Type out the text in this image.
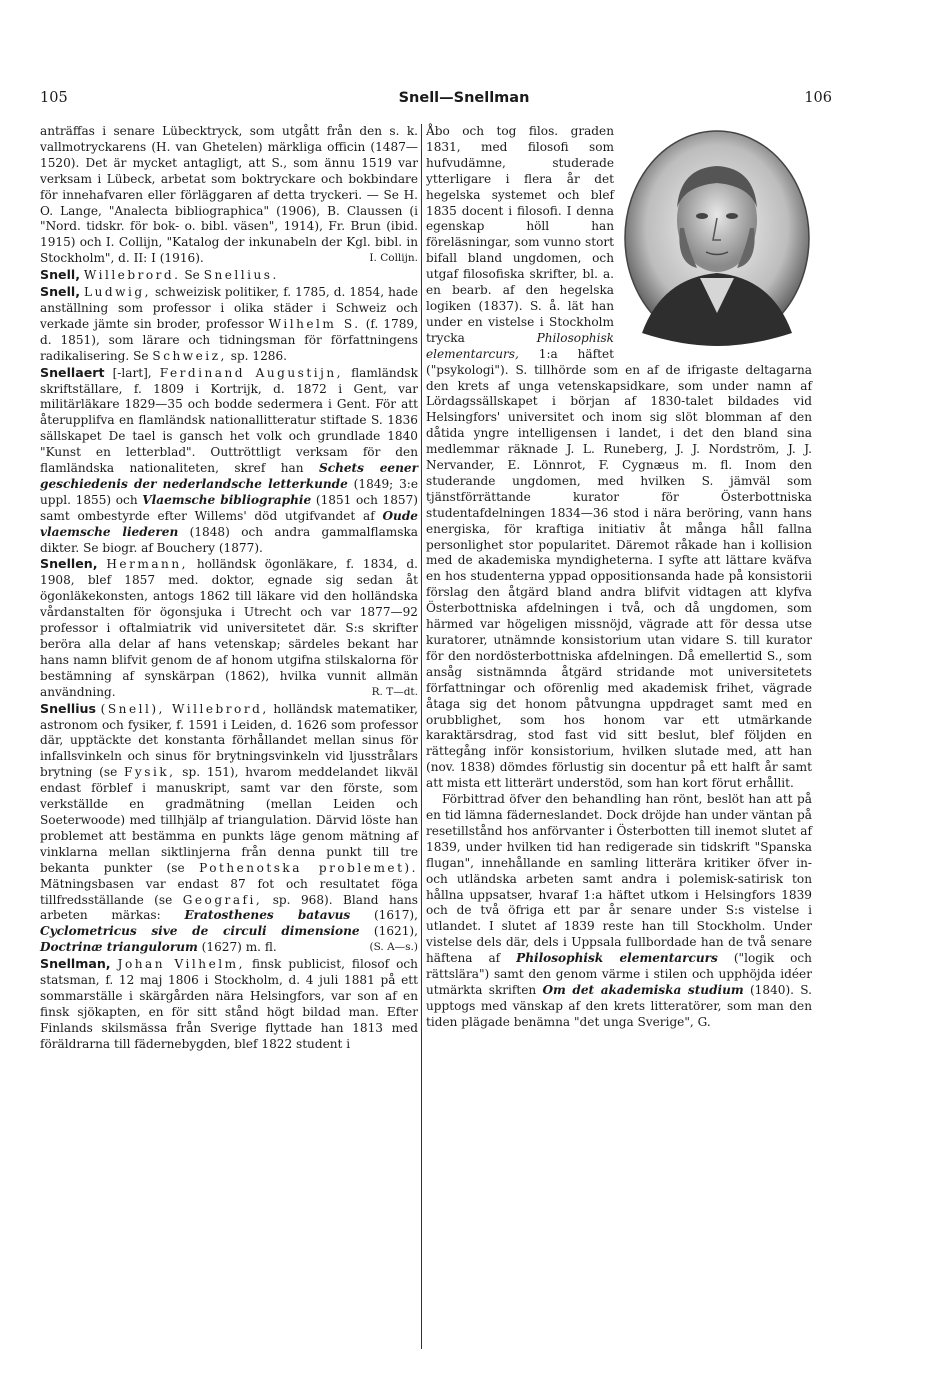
Snell—Snellman
105	106

anträffas i senare Lübecktryck, som utgått från den s. k. vallmotryckarens (H. van Ghetelen) märkliga officin (1487—1520). Det är mycket antagligt, att S., som ännu 1519 var verksam i Lübeck, arbetat som boktryckare och bokbindare för innehafvaren eller förläggaren af detta tryckeri. — Se H. O. Lange, "Analecta bibliographica" (1906), B. Claussen (i "Nord. tidskr. för bok- o. bibl. väsen", 1914), Fr. Brun (ibid. 1915) och I. Collijn, "Katalog der inkunabeln der Kgl. bibl. in Stockholm", d. II: I (1916).	I. Collijn.

Snell, Willebrord. Se Snellius.

Snell, Ludwig, schweizisk politiker, f. 1785, d. 1854, hade anställning som professor i olika städer i Schweiz och verkade jämte sin broder, professor Wilhelm S. (f. 1789, d. 1851), som lärare och tidningsman för författningens radikalisering. Se Schweiz, sp. 1286.

Snellaert [-lart], Ferdinand Augustijn, flamländsk skriftställare, f. 1809 i Kortrijk, d. 1872 i Gent, var militärläkare 1829—35 och bodde sedermera i Gent. För att återupplifva en flamländsk nationallitteratur stiftade S. 1836 sällskapet De tael is gansch het volk och grundlade 1840 "Kunst en letterblad". Outtröttligt verksam för den flamländska nationaliteten, skref han Schets eener geschiedenis der nederlandsche letterkunde (1849; 3:e uppl. 1855) och Vlaemsche bibliographie (1851 och 1857) samt ombestyrde efter Willems' död utgifvandet af Oude vlaemsche liederen (1848) och andra gammalflamska dikter. Se biogr. af Bouchery (1877).

Snellen, Hermann, holländsk ögonläkare, f. 1834, d. 1908, blef 1857 med. doktor, egnade sig sedan åt ögonläkekonsten, antogs 1862 till läkare vid den holländska vårdanstalten för ögonsjuka i Utrecht och var 1877—92 professor i oftalmiatrik vid universitetet där. S:s skrifter beröra alla delar af hans vetenskap; särdeles bekant har hans namn blifvit genom de af honom utgifna stilskalorna för bestämning af synskärpan (1862), hvilka vunnit allmän användning.	R. T—dt.

Snellius (Snell), Willebrord, holländsk matematiker, astronom och fysiker, f. 1591 i Leiden, d. 1626 som professor där, upptäckte det konstanta förhållandet mellan sinus för infallsvinkeln och sinus för brytningsvinkeln vid ljusstrålars brytning (se Fysik, sp. 151), hvarom meddelandet likväl endast förblef i manuskript, samt var den förste, som verkställde en gradmätning (mellan Leiden och Soeterwoode) med tillhjälp af triangulation. Därvid löste han problemet att bestämma en punkts läge genom mätning af vinklarna mellan siktlinjerna från denna punkt till tre bekanta punkter (se Pothenotska problemet). Mätningsbasen var endast 87 fot och resultatet föga tillfredsställande (se Geografi, sp. 968). Bland hans arbeten märkas: Eratosthenes batavus (1617), Cyclometricus sive de circuli dimensione (1621), Doctrinæ triangulorum (1627) m. fl.	(S. A—s.)

Snellman, Johan Vilhelm, finsk publicist, filosof och statsman, f. 12 maj 1806 i Stockholm, d. 4 juli 1881 på ett sommarställe i skärgården nära Helsingfors, var son af en finsk sjökapten, en för sitt stånd högt bildad man. Efter Finlands skilsmässa från Sverige flyttade han 1813 med föräldrarna till fädernebygden, blef 1822 student i

Åbo och tog filos. graden 1831, med filosofi som hufvudämne, studerade ytterligare i flera år det hegelska systemet och blef 1835 docent i filosofi. I denna egenskap höll han föreläsningar, som vunno stort bifall bland ungdomen, och utgaf filosofiska skrifter, bl. a. en bearb. af den hegelska logiken (1837). S. å. lät han under en vistelse i Stockholm trycka	Philosophisk elementarcurs, 1:a häftet ("psykologi"). S. tillhörde som en af de ifrigaste deltagarna den krets af unga vetenskapsidkare, som under namn af Lördagssällskapet i början af 1830-talet bildades vid Helsingfors' universitet och inom sig slöt blomman af den dåtida yngre intelligensen i landet, i det den bland sina medlemmar räknade J. L. Runeberg, J. J. Nordström, J. J. Nervander, E. Lönnrot, F. Cygnæus m. fl. Inom den studerande ungdomen, med hvilken S. jämväl som tjänstförrättande kurator för Österbottniska studentafdelningen 1834—36 stod i nära beröring, vann hans energiska, för kraftiga initiativ åt många håll fallna personlighet stor popularitet. Däremot råkade han i kollision med de akademiska myndigheterna. I syfte att lättare kväfva en hos studenterna yppad oppositionsanda hade på konsistorii förslag den åtgärd bland andra blifvit vidtagen att klyfva Österbottniska afdelningen i två, och då ungdomen, som härmed var högeligen missnöjd, vägrade att för dessa utse kuratorer, utnämnde konsistorium utan vidare S. till kurator för den nordösterbottniska afdelningen. Då emellertid S., som ansåg sistnämnda åtgärd stridande mot universitetets författningar och oförenlig med akademisk frihet, vägrade åtaga sig det honom påtvungna uppdraget samt med en orubblighet, som hos honom var ett utmärkande karaktärsdrag, stod fast vid sitt beslut, blef följden en rättegång inför konsistorium, hvilken slutade med, att han (nov. 1838) dömdes förlustig sin docentur på ett halft år samt att mista ett litterärt understöd, som han kort förut erhållit.

Förbittrad öfver den behandling han rönt, beslöt han att på en tid lämna fäderneslandet. Dock dröjde han under väntan på resetillstånd hos anförvanter i Österbotten till inemot slutet af 1839, under hvilken tid han redigerade sin tidskrift "Spanska flugan", innehållande en samling litterära kritiker öfver in- och utländska arbeten samt andra i polemisk-satirisk ton hållna uppsatser, hvaraf 1:a häftet utkom i Helsingfors 1839 och de två öfriga ett par år senare under S:s vistelse i utlandet. I slutet af 1839 reste han till Stockholm. Under vistelse dels där, dels i Uppsala fullbordade han de två senare häftena af Philosophisk elementarcurs ("logik och rättslära") samt den genom värme i stilen och upphöjda idéer utmärkta skriften Om det akademiska studium (1840). S. upptogs med vänskap af den krets litteratörer, som man den tiden plägade benämna "det unga Sverige", G.
